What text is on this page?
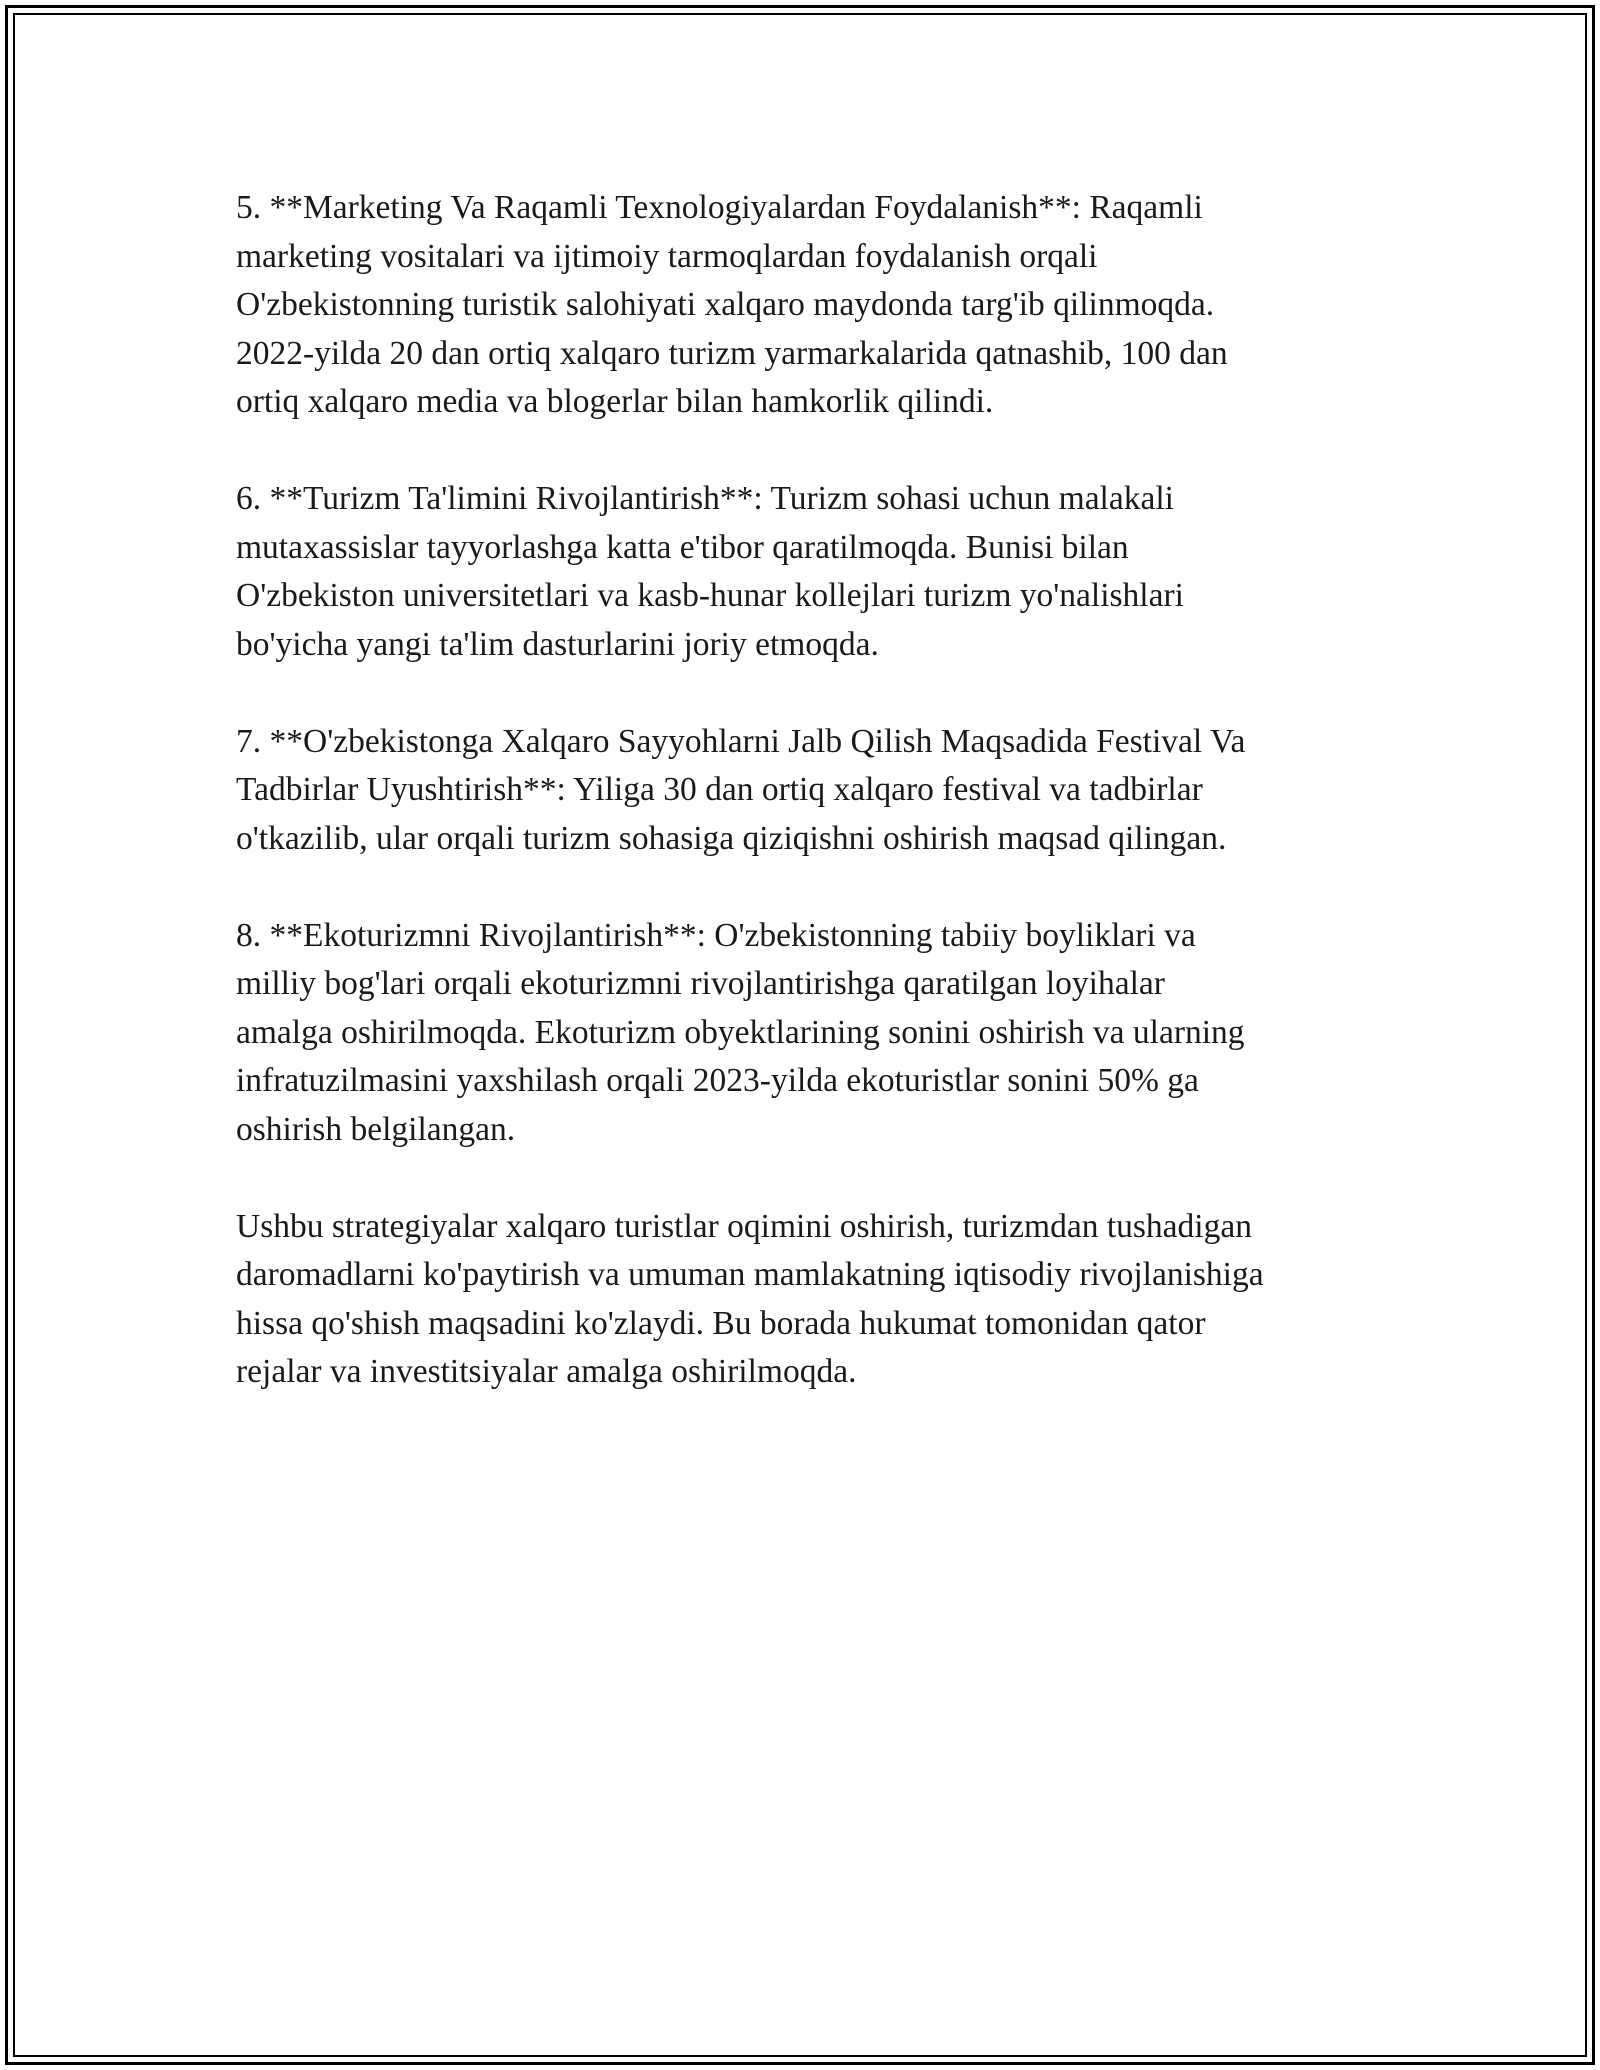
5. **Marketing Va Raqamli Texnologiyalardan Foydalanish**: Raqamli
marketing vositalari va ijtimoiy tarmoqlardan foydalanish orqali
O'zbekistonning turistik salohiyati xalqaro maydonda targ'ib qilinmoqda.
2022-yilda 20 dan ortiq xalqaro turizm yarmarkalarida qatnashib, 100 dan
ortiq xalqaro media va blogerlar bilan hamkorlik qilindi.

6. **Turizm Ta'limini Rivojlantirish**: Turizm sohasi uchun malakali
mutaxassislar tayyorlashga katta e'tibor qaratilmoqda. Bunisi bilan
O'zbekiston universitetlari va kasb-hunar kollejlari turizm yo'nalishlari
bo'yicha yangi ta'lim dasturlarini joriy etmoqda.

7. **O'zbekistonga Xalqaro Sayyohlarni Jalb Qilish Maqsadida Festival Va
Tadbirlar Uyushtirish**: Yiliga 30 dan ortiq xalqaro festival va tadbirlar
o'tkazilib, ular orqali turizm sohasiga qiziqishni oshirish maqsad qilingan.

8. **Ekoturizmni Rivojlantirish**: O'zbekistonning tabiiy boyliklari va
milliy bog'lari orqali ekoturizmni rivojlantirishga qaratilgan loyihalar
amalga oshirilmoqda. Ekoturizm obyektlarining sonini oshirish va ularning
infratuzilmasini yaxshilash orqali 2023-yilda ekoturistlar sonini 50% ga
oshirish belgilangan.

Ushbu strategiyalar xalqaro turistlar oqimini oshirish, turizmdan tushadigan
daromadlarni ko'paytirish va umuman mamlakatning iqtisodiy rivojlanishiga
hissa qo'shish maqsadini ko'zlaydi. Bu borada hukumat tomonidan qator
rejalar va investitsiyalar amalga oshirilmoqda.
